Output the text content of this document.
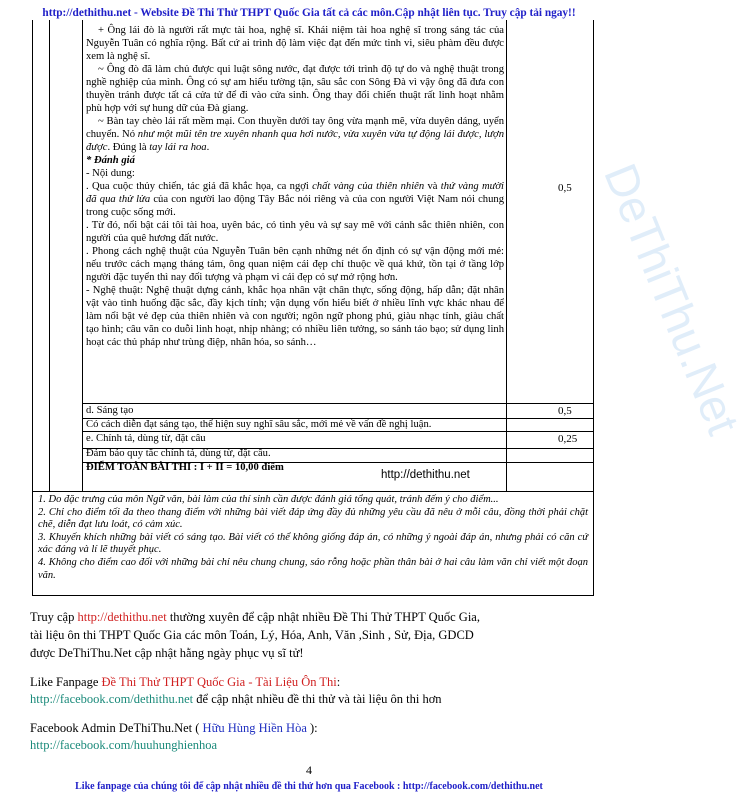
http://dethithu.net - Website Đề Thi Thử THPT Quốc Gia tất cả các môn.Cập nhật liên tục. Truy cập tải ngay!!
DeThiThu.Net

+ Ông lái đò là người rất mực tài hoa, nghệ sĩ. Khái niệm tài hoa nghệ sĩ trong sáng tác của Nguyễn Tuân có nghĩa rộng. Bất cứ ai trình độ làm việc đạt đến mức tinh vi, siêu phàm đều được xem là nghệ sĩ.

~ Ông đò đã làm chủ được qui luật sông nước, đạt được tới trình độ tự do và nghệ thuật trong nghề nghiệp của mình. Ông có sự am hiểu tường tận, sâu sắc con Sông Đà vì vậy ông đã đưa con thuyền tránh được tất cả cửa tử để đi vào cửa sinh. Ông thay đổi chiến thuật rất linh hoạt nhằm phù hợp với sự hung dữ của Đà giang.

~ Bàn tay chèo lái rất mềm mại. Con thuyền dưới tay ông vừa mạnh mẽ, vừa duyên dáng, uyển chuyển. Nó như một mũi tên tre xuyên nhanh qua hơi nước, vừa xuyên vừa tự động lái được, lượn được. Đúng là tay lái ra hoa.

* Đánh giá

- Nội dung:

. Qua cuộc thủy chiến, tác giả đã khắc họa, ca ngợi chất vàng của thiên nhiên và thứ vàng mười đã qua thử lửa của con người lao động Tây Bắc nói riêng và của con người Việt Nam nói chung trong cuộc sống mới.

. Từ đó, nổi bật cái tôi tài hoa, uyên bác, có tình yêu và sự say mê với cảnh sắc thiên nhiên, con người của quê hương đất nước.

. Phong cách nghệ thuật của Nguyễn Tuân bên cạnh những nét ổn định có sự vận động mới mẻ: nếu trước cách mạng tháng tám, ông quan niệm cái đẹp chỉ thuộc về quá khứ, tồn tại ở tầng lớp người đặc tuyển thì nay đối tượng và phạm vi cái đẹp có sự mở rộng hơn.

- Nghệ thuật: Nghệ thuật dựng cảnh, khắc họa nhân vật chân thực, sống động, hấp dẫn; đặt nhân vật vào tình huống đặc sắc, đầy kịch tính; vận dụng vốn hiểu biết ở nhiều lĩnh vực khác nhau để làm nổi bật vẻ đẹp của thiên nhiên và con người; ngôn ngữ phong phú, giàu nhạc tính, giàu chất tạo hình; câu văn co duỗi linh hoạt, nhịp nhàng; có nhiều liên tưởng, so sánh táo bạo; sử dụng linh hoạt các thủ pháp như trùng điệp, nhân hóa, so sánh…

0,5
d. Sáng tạo	0,5
Có cách diễn đạt sáng tạo, thể hiện suy nghĩ sâu sắc, mới mẻ về vấn đề nghị luận.
e. Chính tả, dùng từ, đặt câu	0,25
Đảm bảo quy tắc chính tả, dùng từ, đặt câu.
ĐIỂM TOÀN BÀI THI : I + II = 10,00 điểm
http://dethithu.net

1. Do đặc trưng của môn Ngữ văn, bài làm của thí sinh cần được đánh giá tổng quát, tránh đếm ý cho điểm...

2. Chỉ cho điểm tối đa theo thang điểm với những bài viết đáp ứng đầy đủ những yêu cầu đã nêu ở mỗi câu, đồng thời phải chặt chẽ, diễn đạt lưu loát, có cảm xúc.

3. Khuyến khích những bài viết có sáng tạo. Bài viết có thể không giống đáp án, có những ý ngoài đáp án, nhưng phải có căn cứ xác đáng và lí lẽ thuyết phục.

4. Không cho điểm cao đối với những bài chỉ nêu chung chung, sáo rỗng hoặc phần thân bài ở hai câu làm văn chỉ viết một đoạn văn.

Truy cập http://dethithu.net thường xuyên để cập nhật nhiều Đề Thi Thử THPT Quốc Gia,
tài liệu ôn thi THPT Quốc Gia các môn Toán, Lý, Hóa, Anh, Văn ,Sinh , Sử, Địa, GDCD
được DeThiThu.Net cập nhật hằng ngày phục vụ sĩ tử!
Like Fanpage Đề Thi Thử THPT Quốc Gia - Tài Liệu Ôn Thi:
http://facebook.com/dethithu.net để cập nhật nhiều đề thi thử và tài liệu ôn thi hơn
Facebook Admin DeThiThu.Net ( Hữu Hùng Hiền Hòa ):
http://facebook.com/huuhunghienhoa
4
Like fanpage của chúng tôi để cập nhật nhiều đề thi thử hơn qua Facebook : http://facebook.com/dethithu.net
